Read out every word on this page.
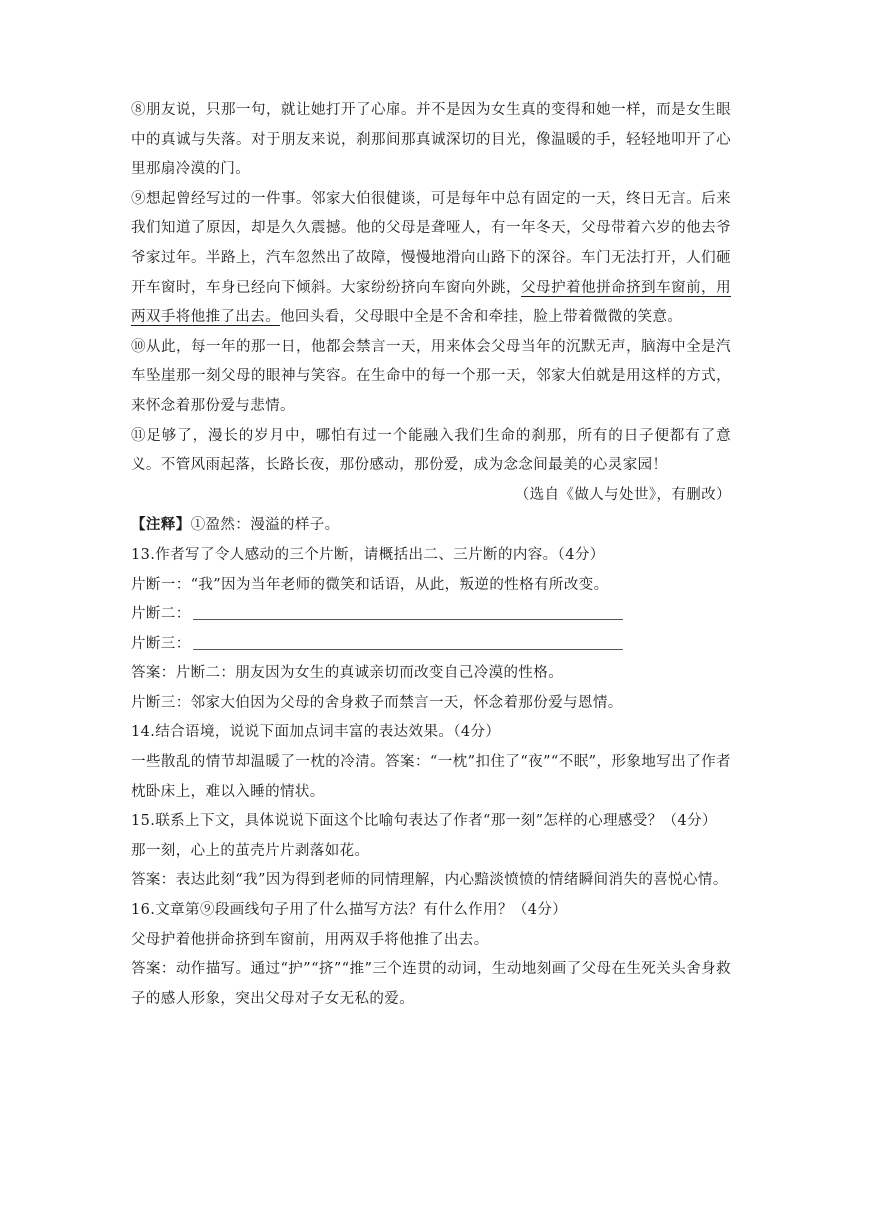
⑧朋友说，只那一句，就让她打开了心扉。并不是因为女生真的变得和她一样，而是女生眼中的真诚与失落。对于朋友来说，刹那间那真诚深切的目光，像温暖的手，轻轻地叩开了心里那扇冷漠的门。

⑨想起曾经写过的一件事。邻家大伯很健谈，可是每年中总有固定的一天，终日无言。后来我们知道了原因，却是久久震撼。他的父母是聋哑人，有一年冬天，父母带着六岁的他去爷爷家过年。半路上，汽车忽然出了故障，慢慢地滑向山路下的深谷。车门无法打开，人们砸开车窗时，车身已经向下倾斜。大家纷纷挤向车窗向外跳，父母护着他拼命挤到车窗前，用两双手将他推了出去。他回头看，父母眼中全是不舍和牵挂，脸上带着微微的笑意。

⑩从此，每一年的那一日，他都会禁言一天，用来体会父母当年的沉默无声，脑海中全是汽车坠崖那一刻父母的眼神与笑容。在生命中的每一个那一天，邻家大伯就是用这样的方式，来怀念着那份爱与悲情。

⑪足够了，漫长的岁月中，哪怕有过一个能融入我们生命的刹那，所有的日子便都有了意义。不管风雨起落，长路长夜，那份感动，那份爱，成为念念间最美的心灵家园！

（选自《做人与处世》，有删改）

【注释】①盈然：漫溢的样子。

13.作者写了令人感动的三个片断，请概括出二、三片断的内容。（4分）

片断一：“我”因为当年老师的微笑和话语，从此，叛逆的性格有所改变。

片断二：
片断三：

答案：片断二：朋友因为女生的真诚亲切而改变自己冷漠的性格。

片断三：邻家大伯因为父母的舍身救子而禁言一天，怀念着那份爱与恩情。

14.结合语境，说说下面加点词丰富的表达效果。（4分）

一些散乱的情节却温暖了一枕的冷清。答案：“一枕”扣住了“夜”“不眠”，形象地写出了作者枕卧床上，难以入睡的情状。

15.联系上下文，具体说说下面这个比喻句表达了作者“那一刻”怎样的心理感受？（4分）

那一刻，心上的茧壳片片剥落如花。

答案：表达此刻“我”因为得到老师的同情理解，内心黯淡愤愤的情绪瞬间消失的喜悦心情。

16.文章第⑨段画线句子用了什么描写方法？有什么作用？（4分）

父母护着他拼命挤到车窗前，用两双手将他推了出去。

答案：动作描写。通过“护”“挤”“推”三个连贯的动词，生动地刻画了父母在生死关头舍身救子的感人形象，突出父母对子女无私的爱。
